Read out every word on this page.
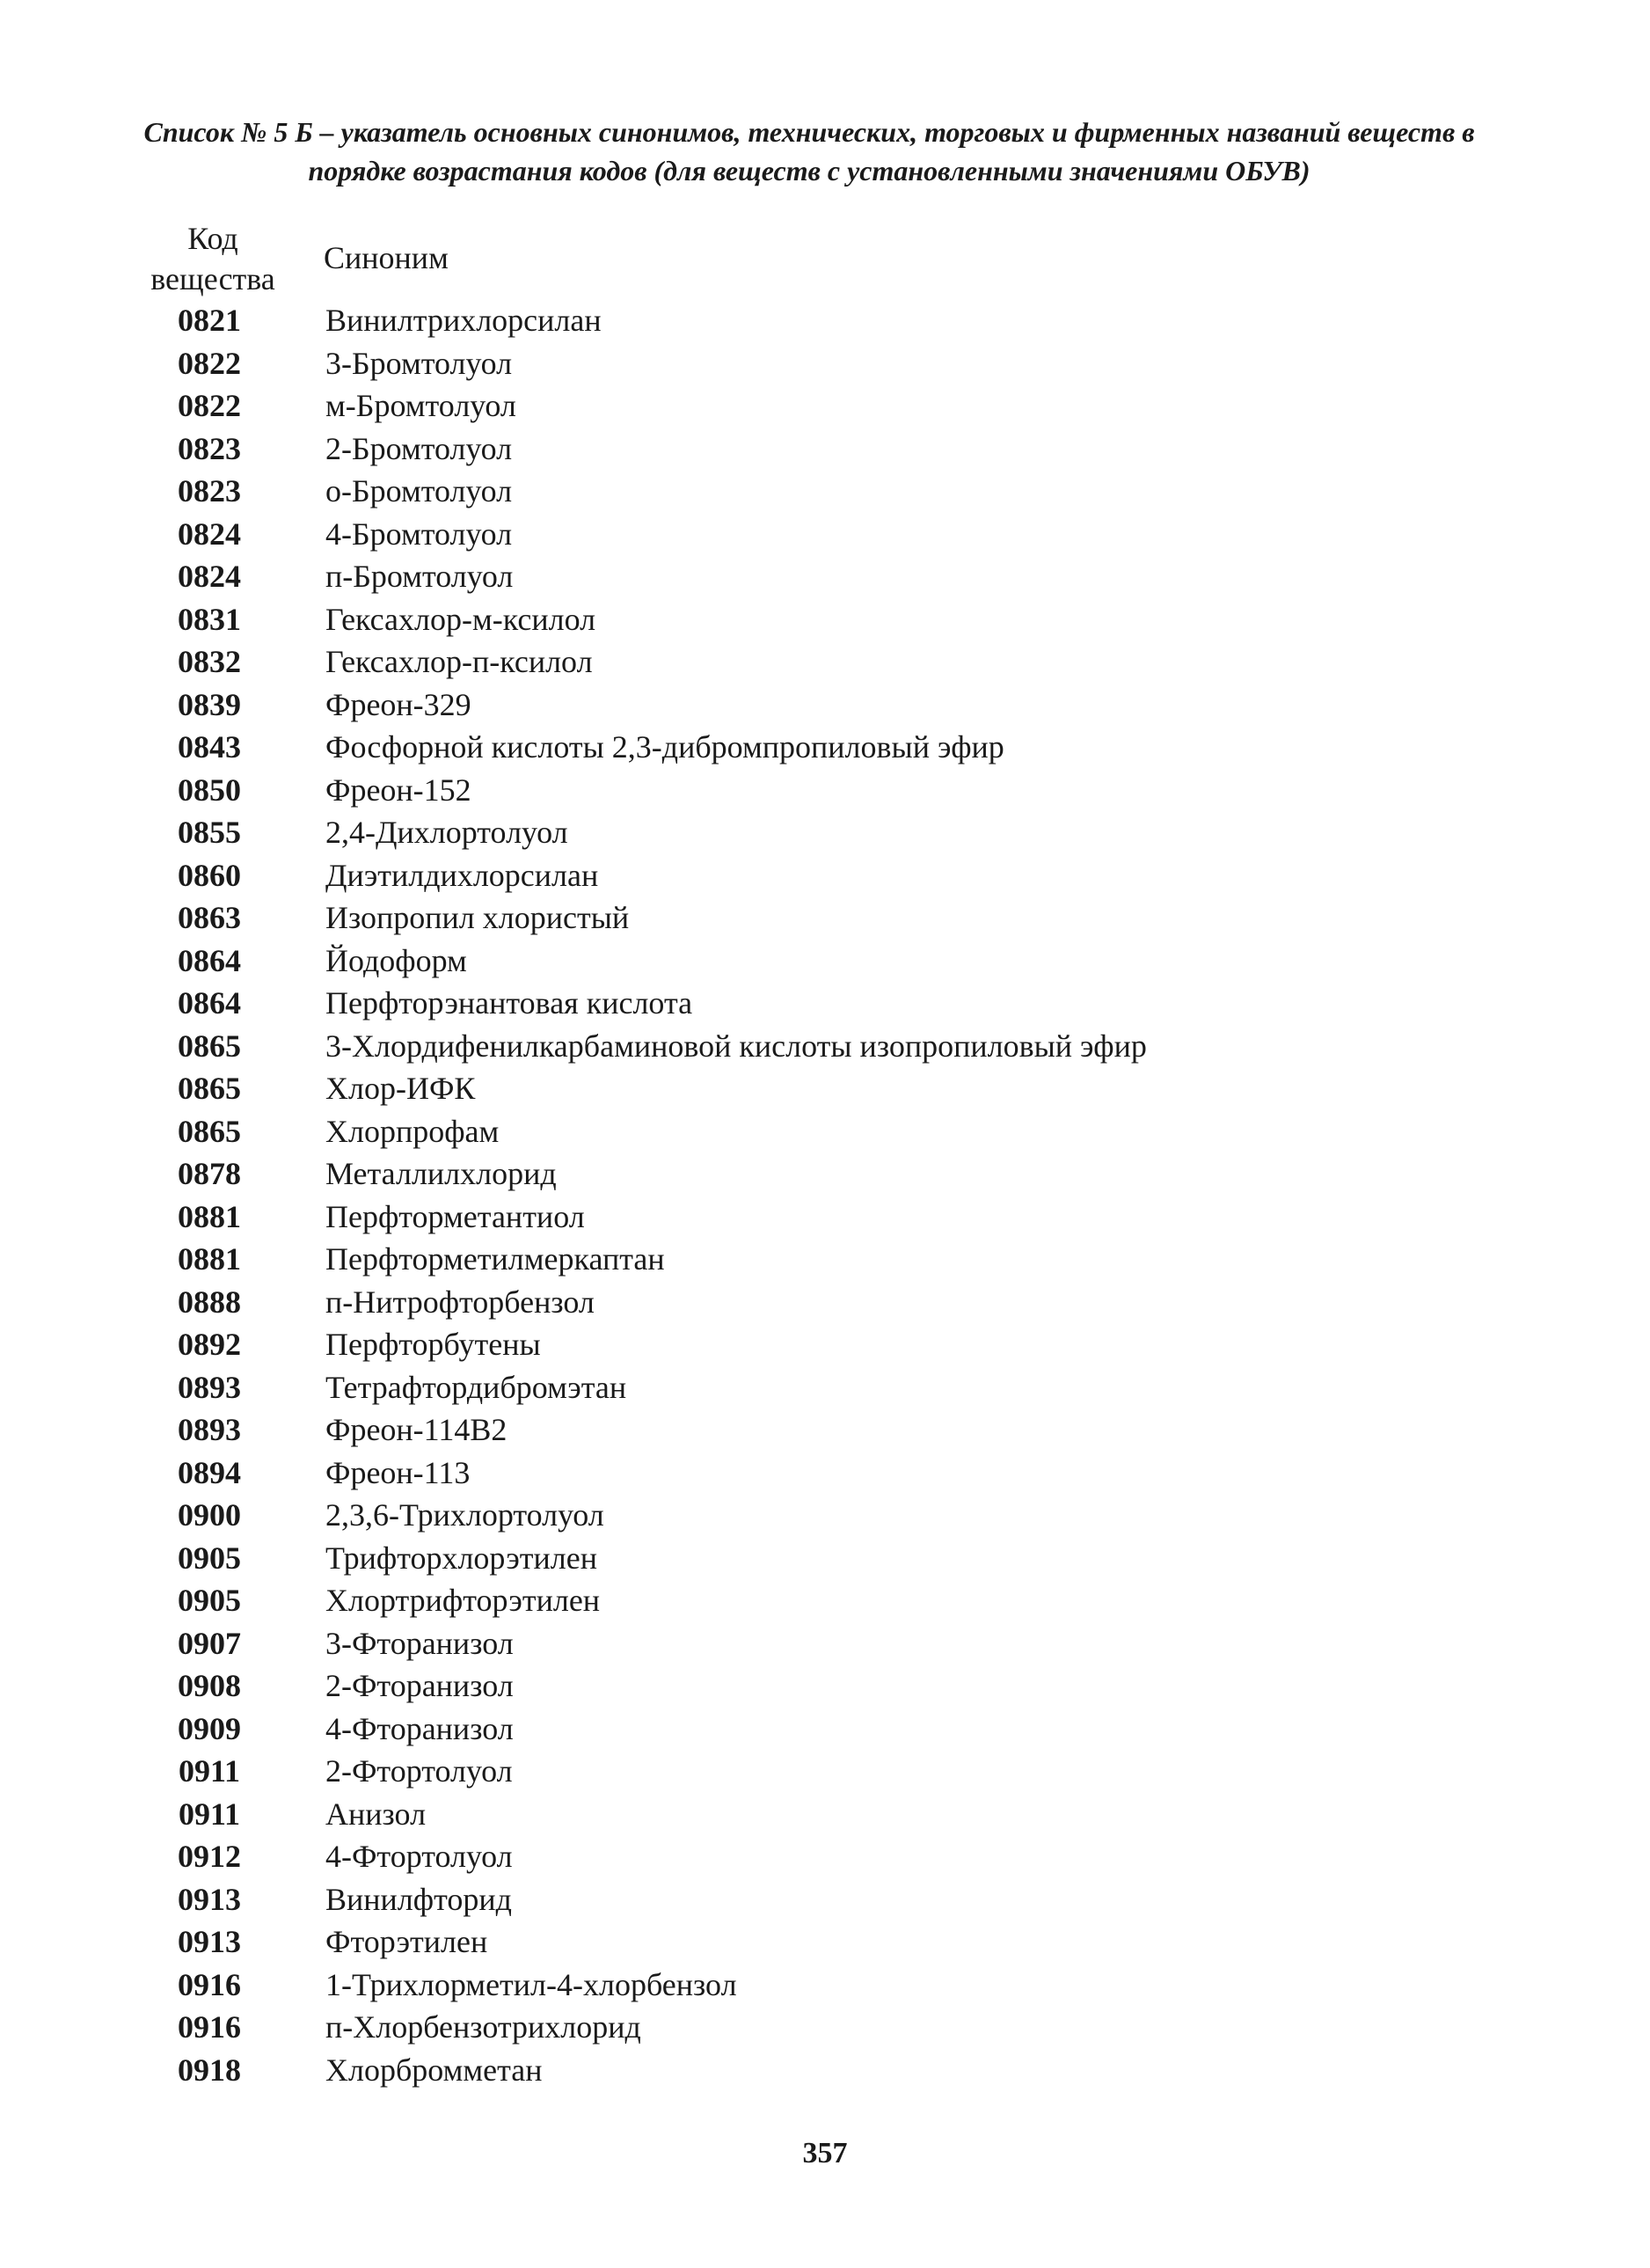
Список № 5 Б – указатель основных синонимов, технических, торговых и фирменных названий веществ в
порядке возрастания кодов (для веществ с установленными значениями ОБУВ)
Код
вещества
Синоним
0821	Винилтрихлорсилан
0822	3-Бромтолуол
0822	м-Бромтолуол
0823	2-Бромтолуол
0823	о-Бромтолуол
0824	4-Бромтолуол
0824	п-Бромтолуол
0831	Гексахлор-м-ксилол
0832	Гексахлор-п-ксилол
0839	Фреон-329
0843	Фосфорной кислоты 2,3-дибромпропиловый эфир
0850	Фреон-152
0855	2,4-Дихлортолуол
0860	Диэтилдихлорсилан
0863	Изопропил хлористый
0864	Йодоформ
0864	Перфторэнантовая кислота
0865	3-Хлордифенилкарбаминовой кислоты изопропиловый эфир
0865	Хлор-ИФК
0865	Хлорпрофам
0878	Металлилхлорид
0881	Перфторметантиол
0881	Перфторметилмеркаптан
0888	п-Нитрофторбензол
0892	Перфторбутены
0893	Тетрафтордибромэтан
0893	Фреон-114В2
0894	Фреон-113
0900	2,3,6-Трихлортолуол
0905	Трифторхлорэтилен
0905	Хлортрифторэтилен
0907	3-Фторанизол
0908	2-Фторанизол
0909	4-Фторанизол
0911	2-Фтортолуол
0911	Анизол
0912	4-Фтортолуол
0913	Винилфторид
0913	Фторэтилен
0916	1-Трихлорметил-4-хлорбензол
0916	п-Хлорбензотрихлорид
0918	Хлорбромметан
357
